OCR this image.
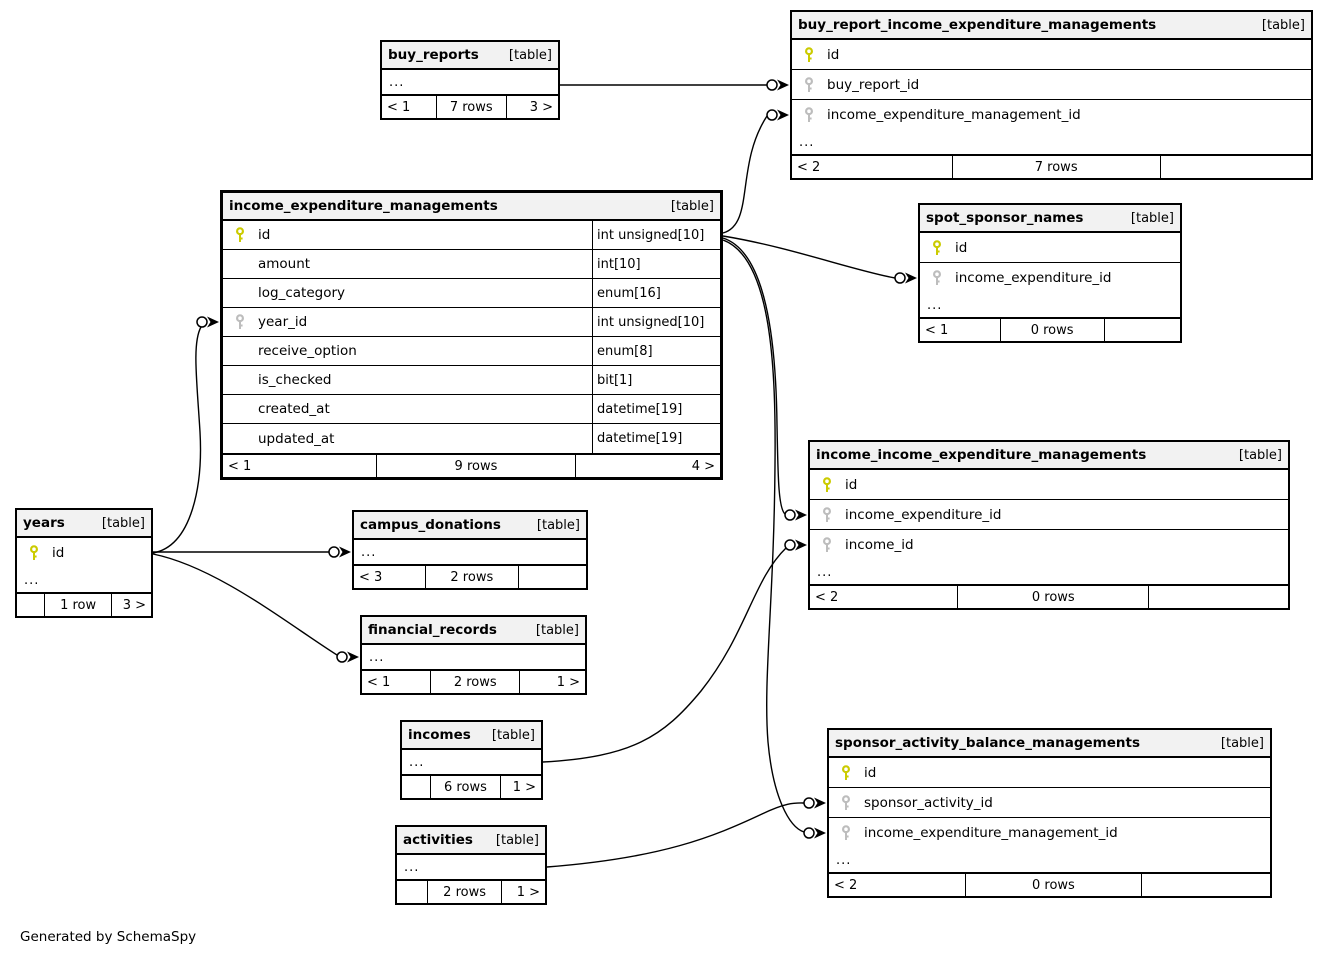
buy_reports	[table]
...
< 1	7 rows	3 >
buy_report_income_expenditure_managements	[table]
id
buy_report_id
income_expenditure_management_id
...
< 2	7 rows
income_expenditure_managements	[table]
id	int unsigned[10]
amount	int[10]
log_category	enum[16]
year_id	int unsigned[10]
receive_option	enum[8]
is_checked	bit[1]
created_at	datetime[19]
updated_at	datetime[19]
< 1	9 rows	4 >
spot_sponsor_names	[table]
id
income_expenditure_id
...
< 1	0 rows
years	[table]
id
...
1 row	3 >
campus_donations	[table]
...
< 3	2 rows
financial_records	[table]
...
< 1	2 rows	1 >
income_income_expenditure_managements	[table]
id
income_expenditure_id
income_id
...
< 2	0 rows
incomes	[table]
...
6 rows	1 >
sponsor_activity_balance_managements	[table]
id
sponsor_activity_id
income_expenditure_management_id
...
< 2	0 rows
activities	[table]
...
2 rows	1 >
Generated by SchemaSpy
